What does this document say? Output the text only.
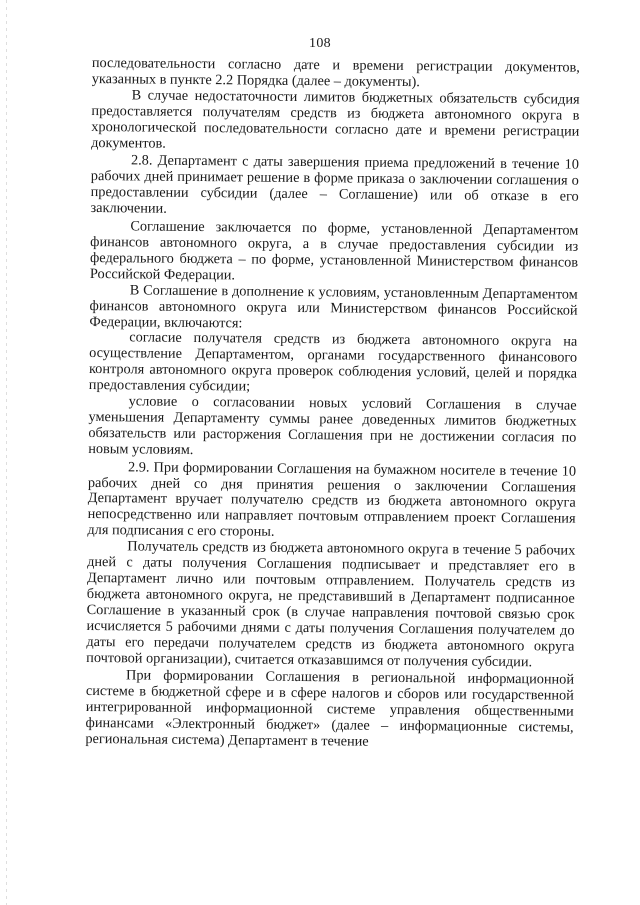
108

последовательности согласно дате и времени регистрации документов, указанных в пункте 2.2 Порядка (далее – документы).

В случае недостаточности лимитов бюджетных обязательств субсидия предоставляется получателям средств из бюджета автономного округа в хронологической последовательности согласно дате и времени регистрации документов.

2.8. Департамент с даты завершения приема предложений в течение 10 рабочих дней принимает решение в форме приказа о заключении соглашения о предоставлении субсидии (далее – Соглашение) или об отказе в его заключении.

Соглашение заключается по форме, установленной Департаментом финансов автономного округа, а в случае предоставления субсидии из федерального бюджета – по форме, установленной Министерством финансов Российской Федерации.

В Соглашение в дополнение к условиям, установленным Департаментом финансов автономного округа или Министерством финансов Российской Федерации, включаются:

согласие получателя средств из бюджета автономного округа на осуществление Департаментом, органами государственного финансового контроля автономного округа проверок соблюдения условий, целей и порядка предоставления субсидии;

условие о согласовании новых условий Соглашения в случае уменьшения Департаменту суммы ранее доведенных лимитов бюджетных обязательств или расторжения Соглашения при не достижении согласия по новым условиям.

2.9. При формировании Соглашения на бумажном носителе в течение 10 рабочих дней со дня принятия решения о заключении Соглашения Департамент вручает получателю средств из бюджета автономного округа непосредственно или направляет почтовым отправлением проект Соглашения для подписания с его стороны.

Получатель средств из бюджета автономного округа в течение 5 рабочих дней с даты получения Соглашения подписывает и представляет его в Департамент лично или почтовым отправлением. Получатель средств из бюджета автономного округа, не представивший в Департамент подписанное Соглашение в указанный срок (в случае направления почтовой связью срок исчисляется 5 рабочими днями с даты получения Соглашения получателем до даты его передачи получателем средств из бюджета автономного округа почтовой организации), считается отказавшимся от получения субсидии.

При формировании Соглашения в региональной информационной системе в бюджетной сфере и в сфере налогов и сборов или государственной интегрированной информационной системе управления общественными финансами «Электронный бюджет» (далее – информационные системы, региональная система) Департамент в течение
